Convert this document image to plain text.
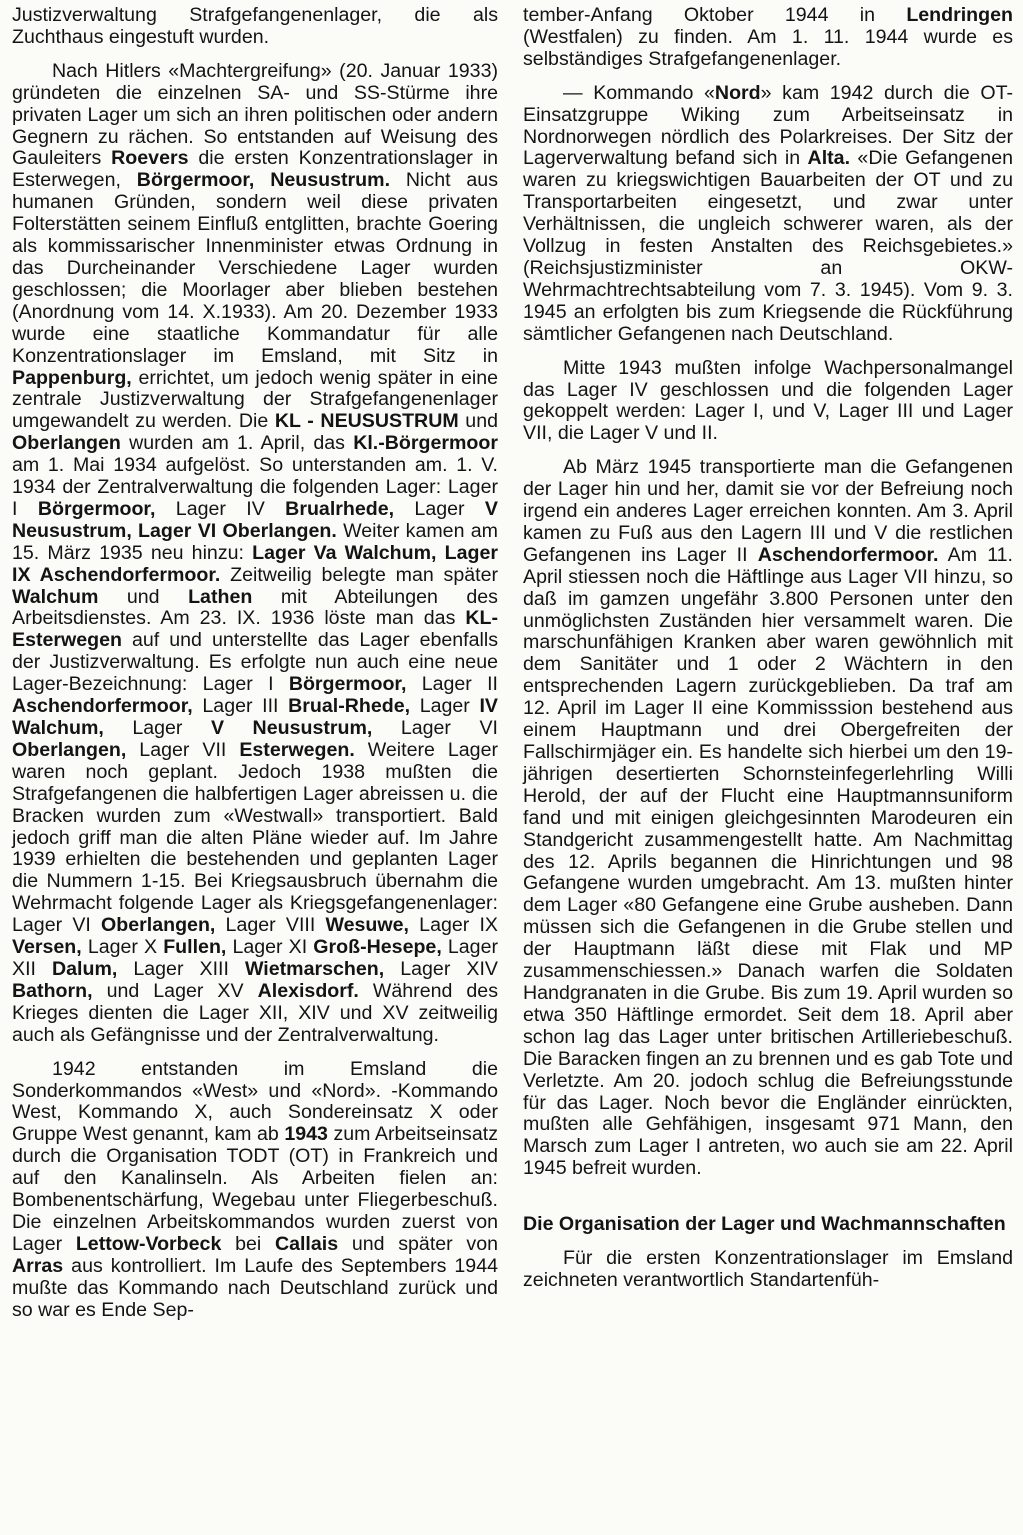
Justizverwaltung Strafgefangenenlager, die als Zuchthaus eingestuft wurden.

Nach Hitlers «Machtergreifung» (20. Januar 1933) gründeten die einzelnen SA- und SS-Stürme ihre privaten Lager um sich an ihren politischen oder andern Gegnern zu rächen. So entstanden auf Weisung des Gauleiters Roevers die ersten Konzentrationslager in Esterwegen, Börgermoor, Neusustrum. Nicht aus humanen Gründen, sondern weil diese privaten Folterstätten seinem Einfluß entglitten, brachte Goering als kommissarischer Innenminister etwas Ordnung in das Durcheinander Verschiedene Lager wurden geschlossen; die Moorlager aber blieben bestehen (Anordnung vom 14. X.1933). Am 20. Dezember 1933 wurde eine staatliche Kommandatur für alle Konzentrationslager im Emsland, mit Sitz in Pappenburg, errichtet, um jedoch wenig später in eine zentrale Justizverwaltung der Strafgefangenenlager umgewandelt zu werden. Die KL - NEUSUSTRUM und Oberlangen wurden am 1. April, das Kl.-Börgermoor am 1. Mai 1934 aufgelöst. So unterstanden am. 1. V. 1934 der Zentralverwaltung die folgenden Lager: Lager I Börgermoor, Lager IV Brualrhede, Lager V Neusustrum, Lager VI Oberlangen. Weiter kamen am 15. März 1935 neu hinzu: Lager Va Walchum, Lager IX Aschendorfermoor. Zeitweilig belegte man später Walchum und Lathen mit Abteilungen des Arbeitsdienstes. Am 23. IX. 1936 löste man das KL-Esterwegen auf und unterstellte das Lager ebenfalls der Justizverwaltung. Es erfolgte nun auch eine neue Lager-Bezeichnung: Lager I Börgermoor, Lager II Aschendorfermoor, Lager III Brual-Rhede, Lager IV Walchum, Lager V Neusustrum, Lager VI Oberlangen, Lager VII Esterwegen. Weitere Lager waren noch geplant. Jedoch 1938 mußten die Strafgefangenen die halbfertigen Lager abreissen u. die Bracken wurden zum «Westwall» transportiert. Bald jedoch griff man die alten Pläne wieder auf. Im Jahre 1939 erhielten die bestehenden und geplanten Lager die Nummern 1-15. Bei Kriegsausbruch übernahm die Wehrmacht folgende Lager als Kriegsgefangenenlager: Lager VI Oberlangen, Lager VIII Wesuwe, Lager IX Versen, Lager X Fullen, Lager XI Groß-Hesepe, Lager XII Dalum, Lager XIII Wietmarschen, Lager XIV Bathorn, und Lager XV Alexisdorf. Während des Krieges dienten die Lager XII, XIV und XV zeitweilig auch als Gefängnisse und der Zentralverwaltung.

1942 entstanden im Emsland die Sonderkommandos «West» und «Nord». -Kommando West, Kommando X, auch Sondereinsatz X oder Gruppe West genannt, kam ab 1943 zum Arbeitseinsatz durch die Organisation TODT (OT) in Frankreich und auf den Kanalinseln. Als Arbeiten fielen an: Bombenentschärfung, Wegebau unter Fliegerbeschuß. Die einzelnen Arbeitskommandos wurden zuerst von Lager Lettow-Vorbeck bei Callais und später von Arras aus kontrolliert. Im Laufe des Septembers 1944 mußte das Kommando nach Deutschland zurück und so war es Ende Sep-

tember-Anfang Oktober 1944 in Lendringen (Westfalen) zu finden. Am 1. 11. 1944 wurde es selbständiges Strafgefangenenlager.

— Kommando «Nord» kam 1942 durch die OT-Einsatzgruppe Wiking zum Arbeitseinsatz in Nordnorwegen nördlich des Polarkreises. Der Sitz der Lagerverwaltung befand sich in Alta. «Die Gefangenen waren zu kriegswichtigen Bauarbeiten der OT und zu Transportarbeiten eingesetzt, und zwar unter Verhältnissen, die ungleich schwerer waren, als der Vollzug in festen Anstalten des Reichsgebietes.» (Reichsjustizminister an OKW-Wehrmachtrechtsabteilung vom 7. 3. 1945). Vom 9. 3. 1945 an erfolgten bis zum Kriegsende die Rückführung sämtlicher Gefangenen nach Deutschland.

Mitte 1943 mußten infolge Wachpersonalmangel das Lager IV geschlossen und die folgenden Lager gekoppelt werden: Lager I, und V, Lager III und Lager VII, die Lager V und II.

Ab März 1945 transportierte man die Gefangenen der Lager hin und her, damit sie vor der Befreiung noch irgend ein anderes Lager erreichen konnten. Am 3. April kamen zu Fuß aus den Lagern III und V die restlichen Gefangenen ins Lager II Aschendorfermoor. Am 11. April stiessen noch die Häftlinge aus Lager VII hinzu, so daß im gamzen ungefähr 3.800 Personen unter den unmöglichsten Zuständen hier versammelt waren. Die marschunfähigen Kranken aber waren gewöhnlich mit dem Sanitäter und 1 oder 2 Wächtern in den entsprechenden Lagern zurückgeblieben. Da traf am 12. April im Lager II eine Kommisssion bestehend aus einem Hauptmann und drei Obergefreiten der Fallschirmjäger ein. Es handelte sich hierbei um den 19-jährigen desertierten Schornsteinfegerlehrling Willi Herold, der auf der Flucht eine Hauptmannsuniform fand und mit einigen gleichgesinnten Marodeuren ein Standgericht zusammengestellt hatte. Am Nachmittag des 12. Aprils begannen die Hinrichtungen und 98 Gefangene wurden umgebracht. Am 13. mußten hinter dem Lager «80 Gefangene eine Grube ausheben. Dann müssen sich die Gefangenen in die Grube stellen und der Hauptmann läßt diese mit Flak und MP zusammenschiessen.» Danach warfen die Soldaten Handgranaten in die Grube. Bis zum 19. April wurden so etwa 350 Häftlinge ermordet. Seit dem 18. April aber schon lag das Lager unter britischen Artilleriebeschuß. Die Baracken fingen an zu brennen und es gab Tote und Verletzte. Am 20. jodoch schlug die Befreiungsstunde für das Lager. Noch bevor die Engländer einrückten, mußten alle Gehfähigen, insgesamt 971 Mann, den Marsch zum Lager I antreten, wo auch sie am 22. April 1945 befreit wurden.

Die Organisation der Lager und Wachmannschaften

Für die ersten Konzentrationslager im Emsland zeichneten verantwortlich Standartenfüh-
